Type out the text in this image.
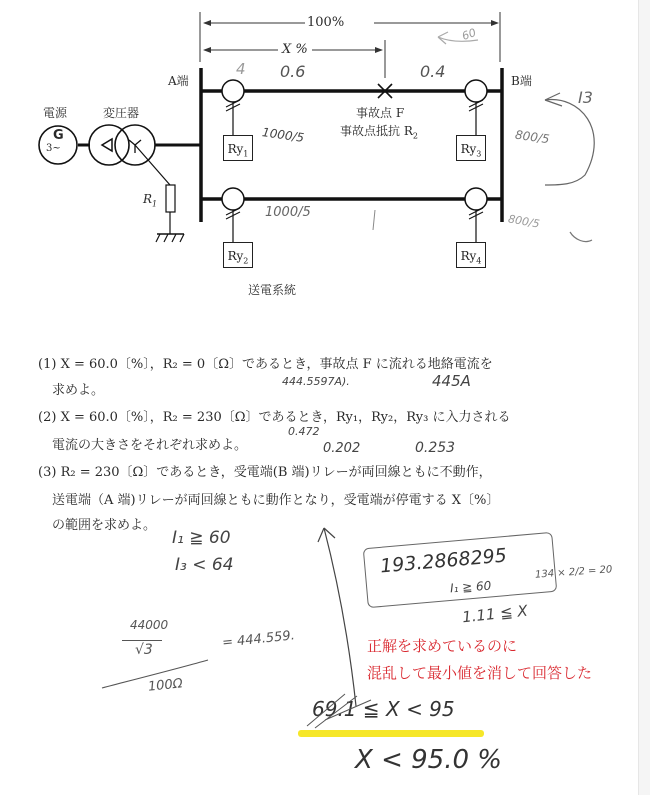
100%
X %
A端	B端
電源	変圧器
G
3~
$R_1$
事故点 F
事故点抵抗 $R_2$
送電系統
$Ry_1$
$Ry_2$
$Ry_3$
$Ry_4$
4 0.6	0.4
60
1000/5
1000/5
800/5
800/5
I3
(1) X = 60.0〔%〕，R₂ = 0〔Ω〕であるとき，事故点 F に流れる地絡電流を
求めよ。
(2) X = 60.0〔%〕，R₂ = 230〔Ω〕であるとき，Ry₁，Ry₂，Ry₃ に入力される
電流の大きさをそれぞれ求めよ。
(3) R₂ = 230〔Ω〕であるとき，受電端(B 端)リレーが両回線ともに不動作，
送電端（A 端)リレーが両回線ともに動作となり，受電端が停電する X〔%〕
の範囲を求めよ。
444.5597A).	445A
0.472
0.202	0.253
I₁ ≧ 60
I₃ < 64	193.2868295
I₁ ≧ 60
134 × 2/2 = 20
1.11 ≦ X
44000
√3
100Ω
= 444.559.	正解を求めているのに
混乱して最小値を消して回答した
69.1 ≦ X < 95
X < 95.0 %
